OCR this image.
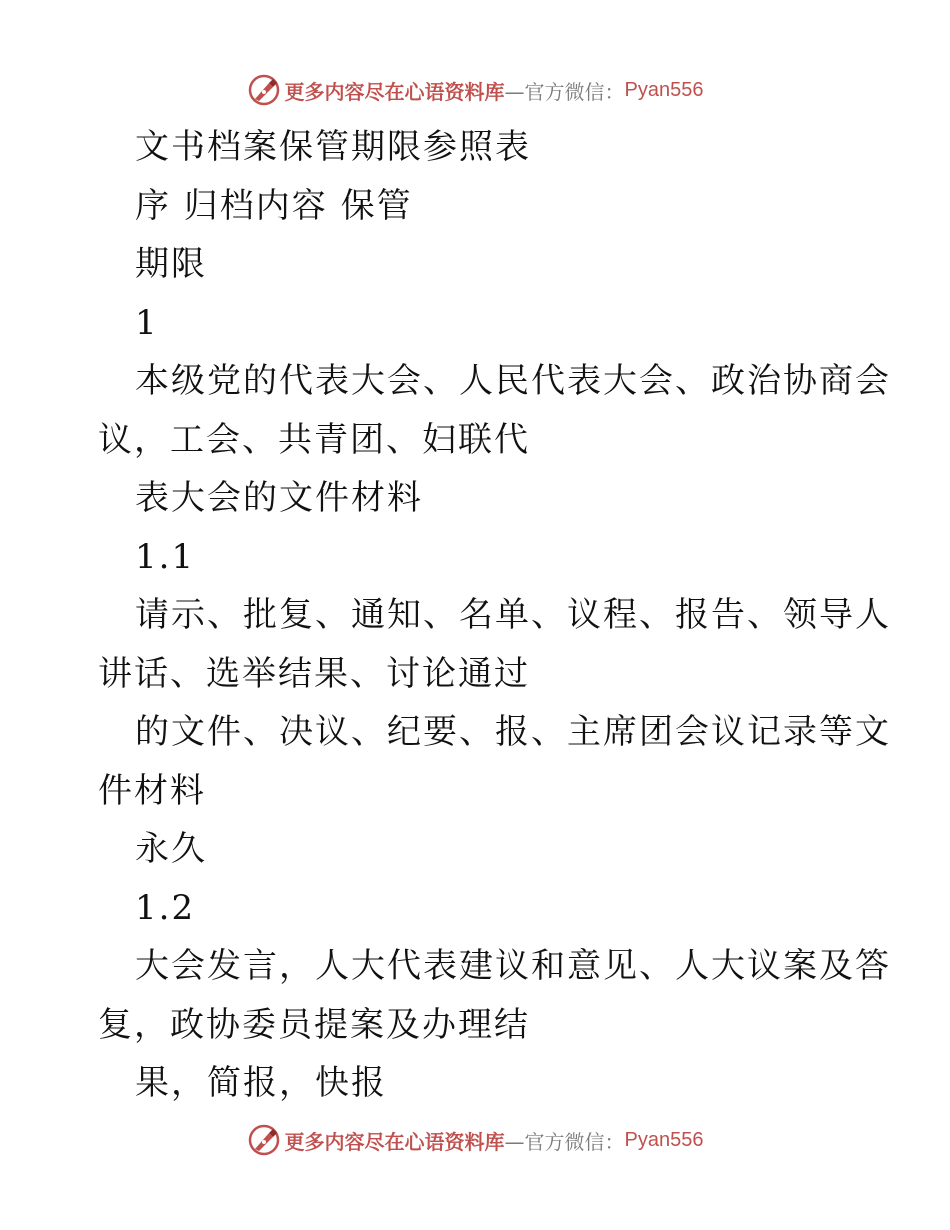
更多内容尽在心语资料库 —官方微信： Pyan556
文书档案保管期限参照表
序 归档内容 保管
期限
1
本级党的代表大会、人民代表大会、政治协商会
议，工会、共青团、妇联代
表大会的文件材料
1.1
请示、批复、通知、名单、议程、报告、领导人
讲话、选举结果、讨论通过
的文件、决议、纪要、报、主席团会议记录等文
件材料
永久
1.2
大会发言，人大代表建议和意见、人大议案及答
复，政协委员提案及办理结
果，简报，快报
更多内容尽在心语资料库 —官方微信： Pyan556
